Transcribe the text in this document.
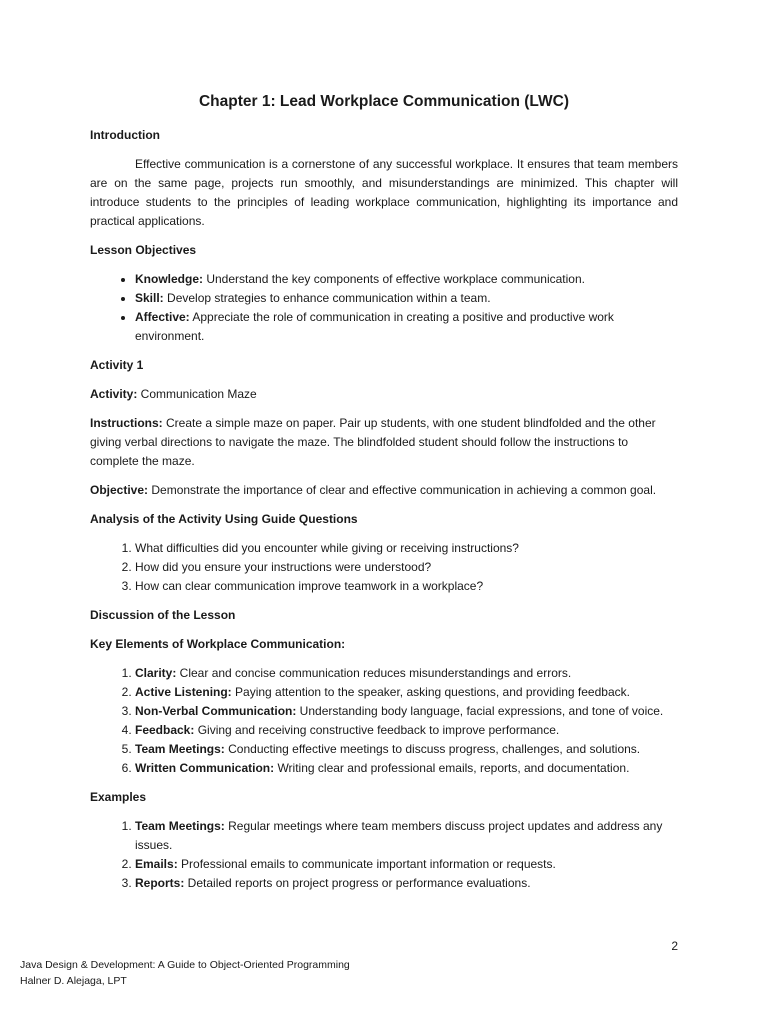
Chapter 1: Lead Workplace Communication (LWC)
Introduction

Effective communication is a cornerstone of any successful workplace. It ensures that team members are on the same page, projects run smoothly, and misunderstandings are minimized. This chapter will introduce students to the principles of leading workplace communication, highlighting its importance and practical applications.

Lesson Objectives
• Knowledge: Understand the key components of effective workplace communication.
• Skill: Develop strategies to enhance communication within a team.
• Affective: Appreciate the role of communication in creating a positive and productive work environment.
Activity 1

Activity: Communication Maze

Instructions: Create a simple maze on paper. Pair up students, with one student blindfolded and the other giving verbal directions to navigate the maze. The blindfolded student should follow the instructions to complete the maze.

Objective: Demonstrate the importance of clear and effective communication in achieving a common goal.

Analysis of the Activity Using Guide Questions
1. What difficulties did you encounter while giving or receiving instructions?
2. How did you ensure your instructions were understood?
3. How can clear communication improve teamwork in a workplace?
Discussion of the Lesson
Key Elements of Workplace Communication:
1. Clarity: Clear and concise communication reduces misunderstandings and errors.
2. Active Listening: Paying attention to the speaker, asking questions, and providing feedback.
3. Non-Verbal Communication: Understanding body language, facial expressions, and tone of voice.
4. Feedback: Giving and receiving constructive feedback to improve performance.
5. Team Meetings: Conducting effective meetings to discuss progress, challenges, and solutions.
6. Written Communication: Writing clear and professional emails, reports, and documentation.
Examples
1. Team Meetings: Regular meetings where team members discuss project updates and address any issues.
2. Emails: Professional emails to communicate important information or requests.
3. Reports: Detailed reports on project progress or performance evaluations.
2
Java Design & Development: A Guide to Object-Oriented Programming
Halner D. Alejaga, LPT
